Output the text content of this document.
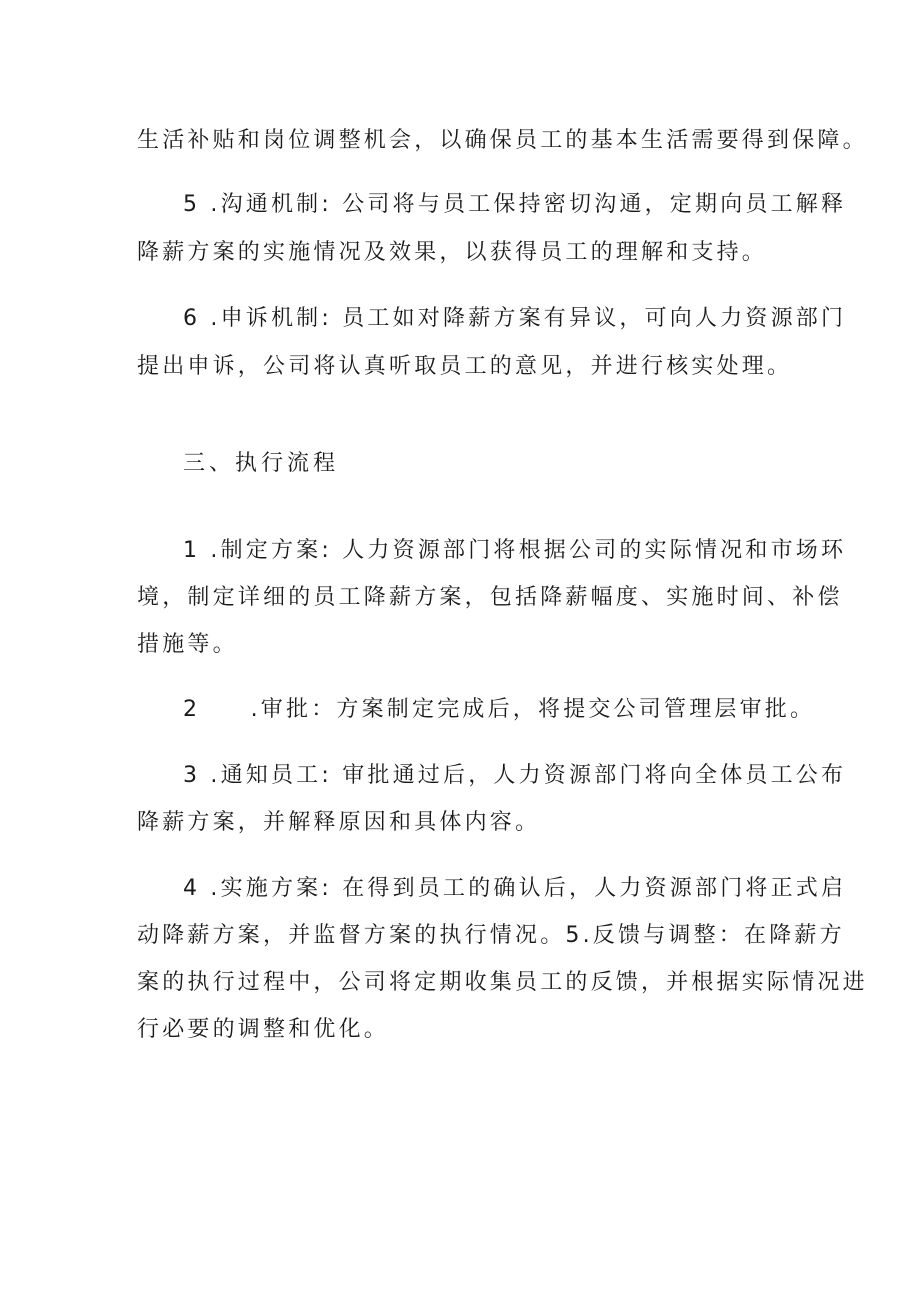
生活补贴和岗位调整机会，以确保员工的基本生活需要得到保障。
5 .沟通机制: 公司将与员工保持密切沟通，定期向员工解释
降薪方案的实施情况及效果，以获得员工的理解和支持。
6 .申诉机制: 员工如对降薪方案有异议，可向人力资源部门
提出申诉，公司将认真听取员工的意见，并进行核实处理。
三、执行流程
1 .制定方案: 人力资源部门将根据公司的实际情况和市场环
境，制定详细的员工降薪方案，包括降薪幅度、实施时间、补偿
措施等。
2　　.审批：方案制定完成后，将提交公司管理层审批。
3 .通知员工: 审批通过后，人力资源部门将向全体员工公布
降薪方案，并解释原因和具体内容。
4 .实施方案: 在得到员工的确认后，人力资源部门将正式启
动降薪方案，并监督方案的执行情况。5.反馈与调整：在降薪方
案的执行过程中，公司将定期收集员工的反馈，并根据实际情况进
行必要的调整和优化。
